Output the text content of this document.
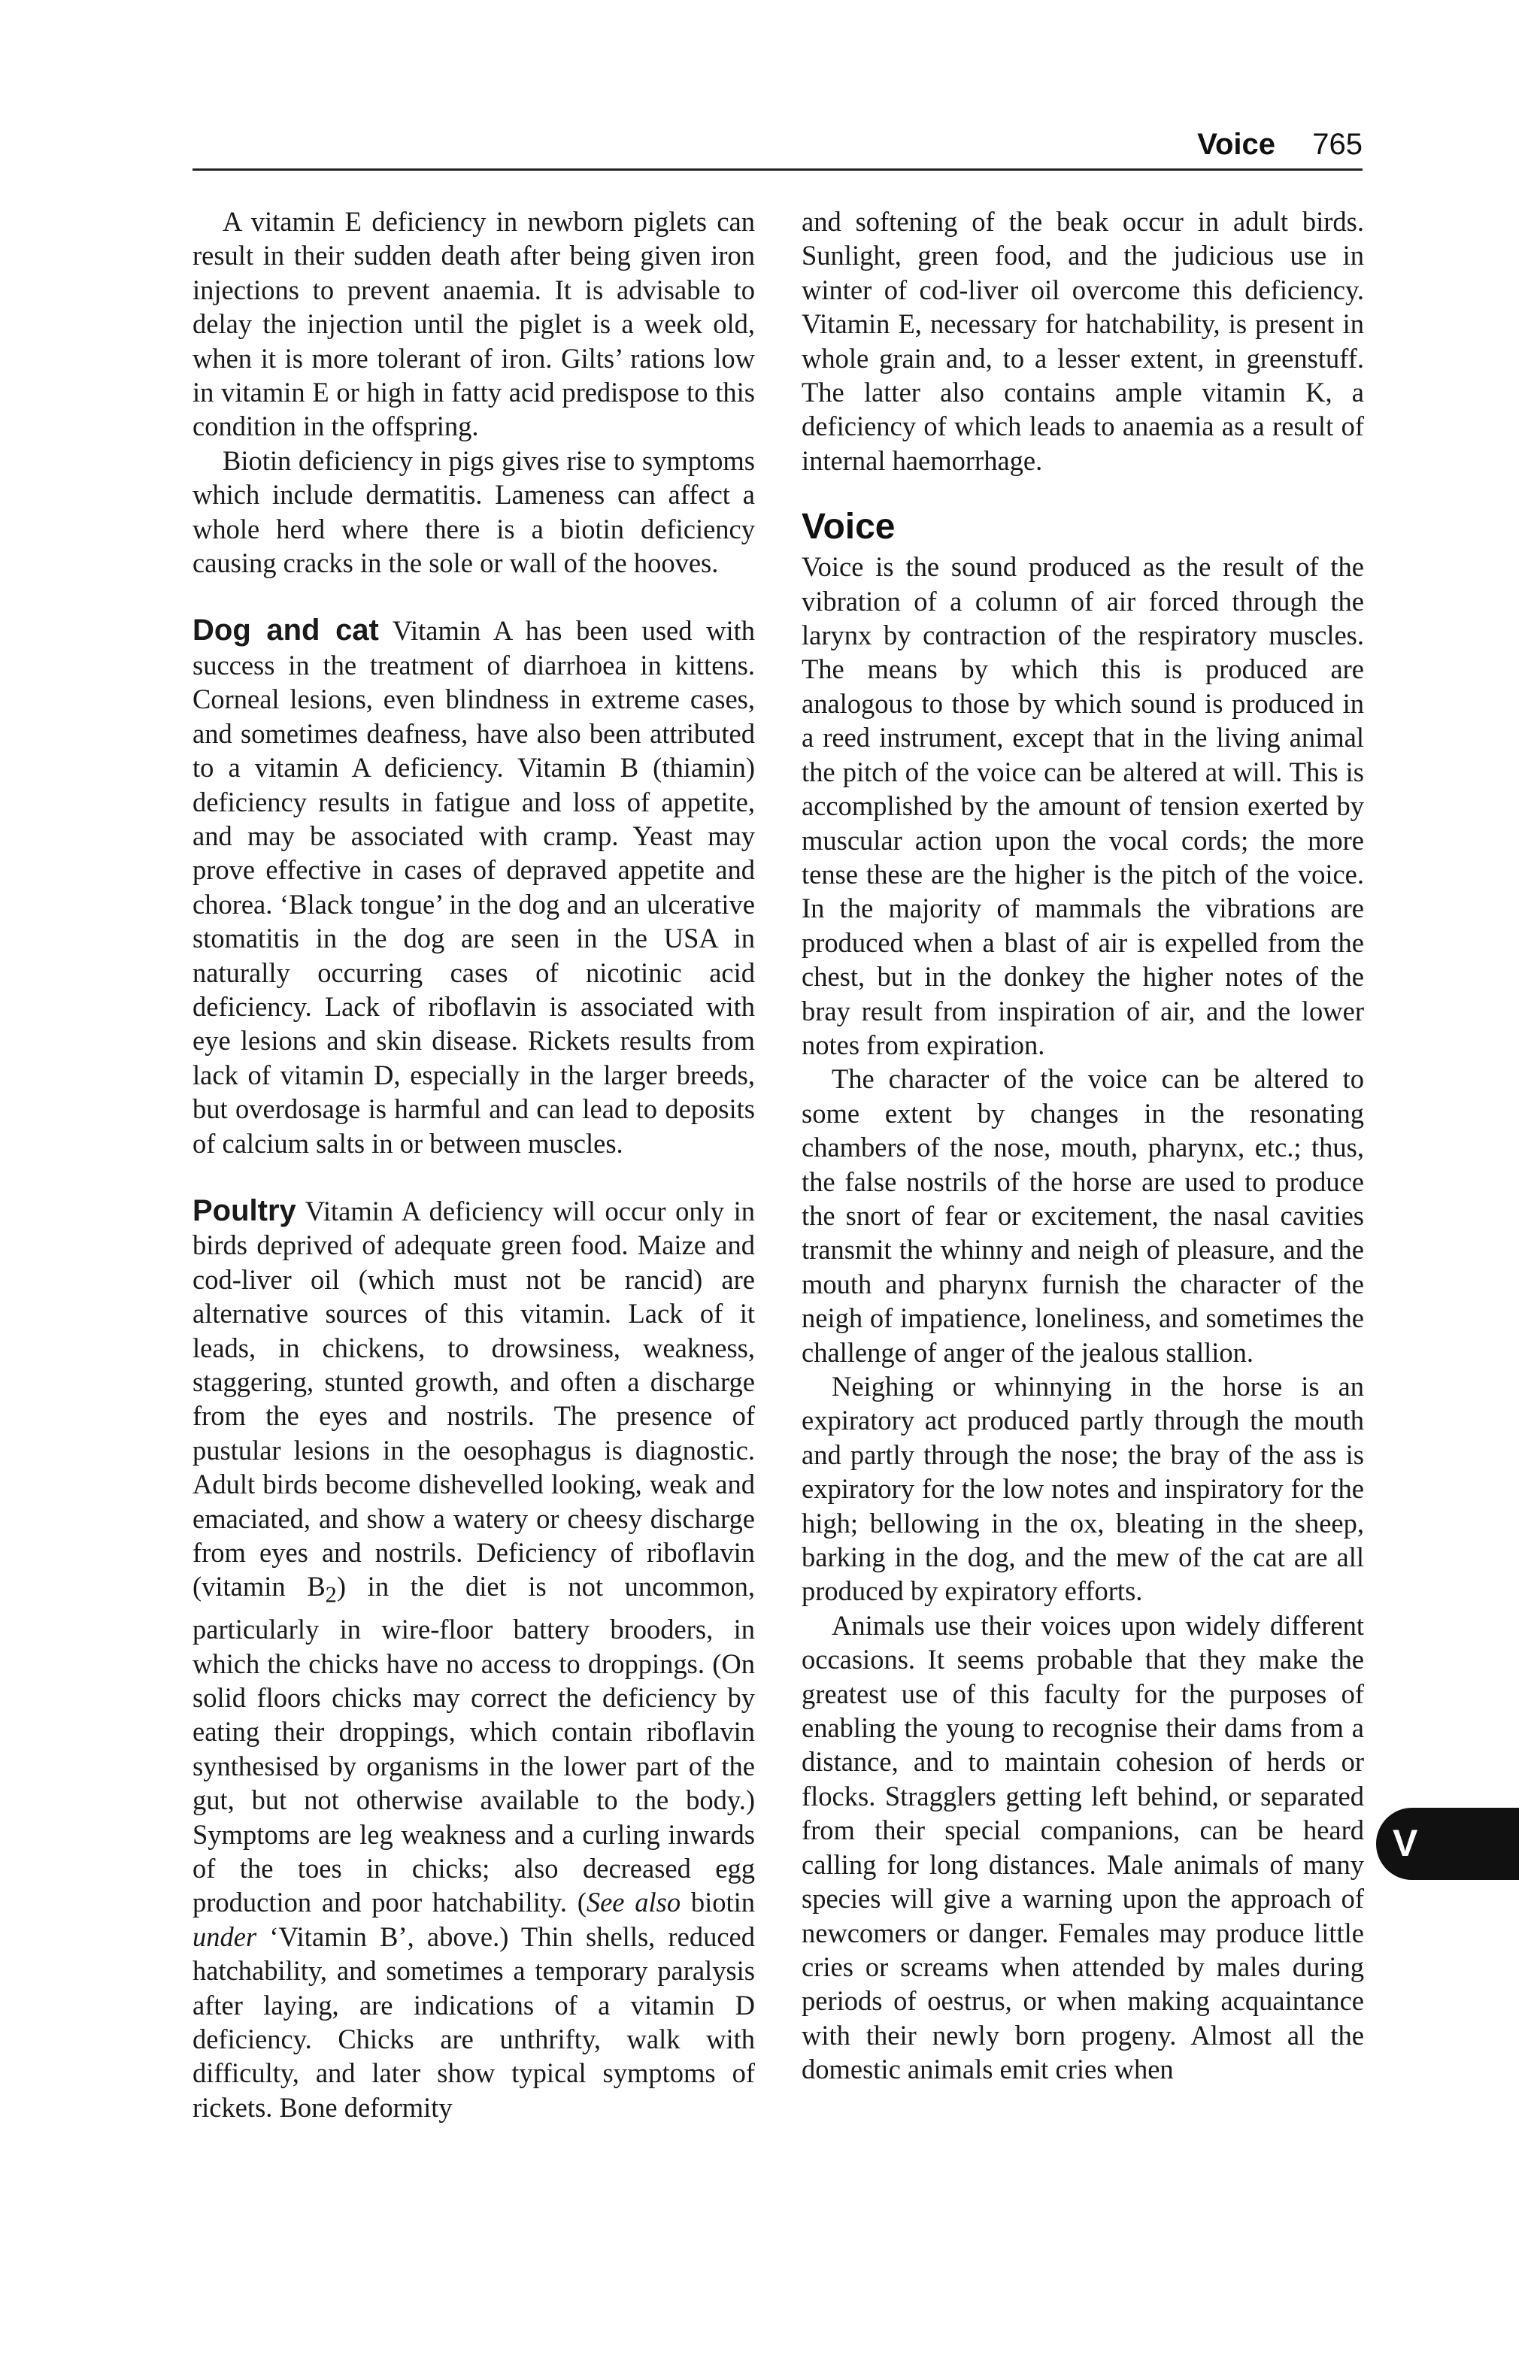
Voice 765

A vitamin E deficiency in newborn piglets can result in their sudden death after being given iron injections to prevent anaemia. It is advisable to delay the injection until the piglet is a week old, when it is more tolerant of iron. Gilts’ rations low in vitamin E or high in fatty acid predispose to this condition in the offspring.

Biotin deficiency in pigs gives rise to symptoms which include dermatitis. Lameness can affect a whole herd where there is a biotin deficiency causing cracks in the sole or wall of the hooves.

Dog and cat Vitamin A has been used with success in the treatment of diarrhoea in kittens. Corneal lesions, even blindness in extreme cases, and sometimes deafness, have also been attributed to a vitamin A deficiency. Vitamin B (thiamin) deficiency results in fatigue and loss of appetite, and may be associated with cramp. Yeast may prove effective in cases of depraved appetite and chorea. ‘Black tongue’ in the dog and an ulcerative stomatitis in the dog are seen in the USA in naturally occurring cases of nicotinic acid deficiency. Lack of riboflavin is associated with eye lesions and skin disease. Rickets results from lack of vitamin D, especially in the larger breeds, but overdosage is harmful and can lead to deposits of calcium salts in or between muscles.

Poultry Vitamin A deficiency will occur only in birds deprived of adequate green food. Maize and cod-liver oil (which must not be rancid) are alternative sources of this vitamin. Lack of it leads, in chickens, to drowsiness, weakness, staggering, stunted growth, and often a discharge from the eyes and nostrils. The presence of pustular lesions in the oesophagus is diagnostic. Adult birds become dishevelled looking, weak and emaciated, and show a watery or cheesy discharge from eyes and nostrils. Deficiency of riboflavin (vitamin $B_2$) in the diet is not uncommon, particularly in wire-floor battery brooders, in which the chicks have no access to droppings. (On solid floors chicks may correct the deficiency by eating their droppings, which contain riboflavin synthesised by organisms in the lower part of the gut, but not otherwise available to the body.) Symptoms are leg weakness and a curling inwards of the toes in chicks; also decreased egg production and poor hatchability. (See also biotin under ‘Vitamin B’, above.) Thin shells, reduced hatchability, and sometimes a temporary paralysis after laying, are indications of a vitamin D deficiency. Chicks are unthrifty, walk with difficulty, and later show typical symptoms of rickets. Bone deformity

and softening of the beak occur in adult birds. Sunlight, green food, and the judicious use in winter of cod-liver oil overcome this deficiency. Vitamin E, necessary for hatchability, is present in whole grain and, to a lesser extent, in greenstuff. The latter also contains ample vitamin K, a deficiency of which leads to anaemia as a result of internal haemorrhage.

Voice

Voice is the sound produced as the result of the vibration of a column of air forced through the larynx by contraction of the respiratory muscles. The means by which this is produced are analogous to those by which sound is produced in a reed instrument, except that in the living animal the pitch of the voice can be altered at will. This is accomplished by the amount of tension exerted by muscular action upon the vocal cords; the more tense these are the higher is the pitch of the voice. In the majority of mammals the vibrations are produced when a blast of air is expelled from the chest, but in the donkey the higher notes of the bray result from inspiration of air, and the lower notes from expiration.

The character of the voice can be altered to some extent by changes in the resonating chambers of the nose, mouth, pharynx, etc.; thus, the false nostrils of the horse are used to produce the snort of fear or excitement, the nasal cavities transmit the whinny and neigh of pleasure, and the mouth and pharynx furnish the character of the neigh of impatience, loneliness, and sometimes the challenge of anger of the jealous stallion.

Neighing or whinnying in the horse is an expiratory act produced partly through the mouth and partly through the nose; the bray of the ass is expiratory for the low notes and inspiratory for the high; bellowing in the ox, bleating in the sheep, barking in the dog, and the mew of the cat are all produced by expiratory efforts.

Animals use their voices upon widely different occasions. It seems probable that they make the greatest use of this faculty for the purposes of enabling the young to recognise their dams from a distance, and to maintain cohesion of herds or flocks. Stragglers getting left behind, or separated from their special companions, can be heard calling for long distances. Male animals of many species will give a warning upon the approach of newcomers or danger. Females may produce little cries or screams when attended by males during periods of oestrus, or when making acquaintance with their newly born progeny. Almost all the domestic animals emit cries when

V
